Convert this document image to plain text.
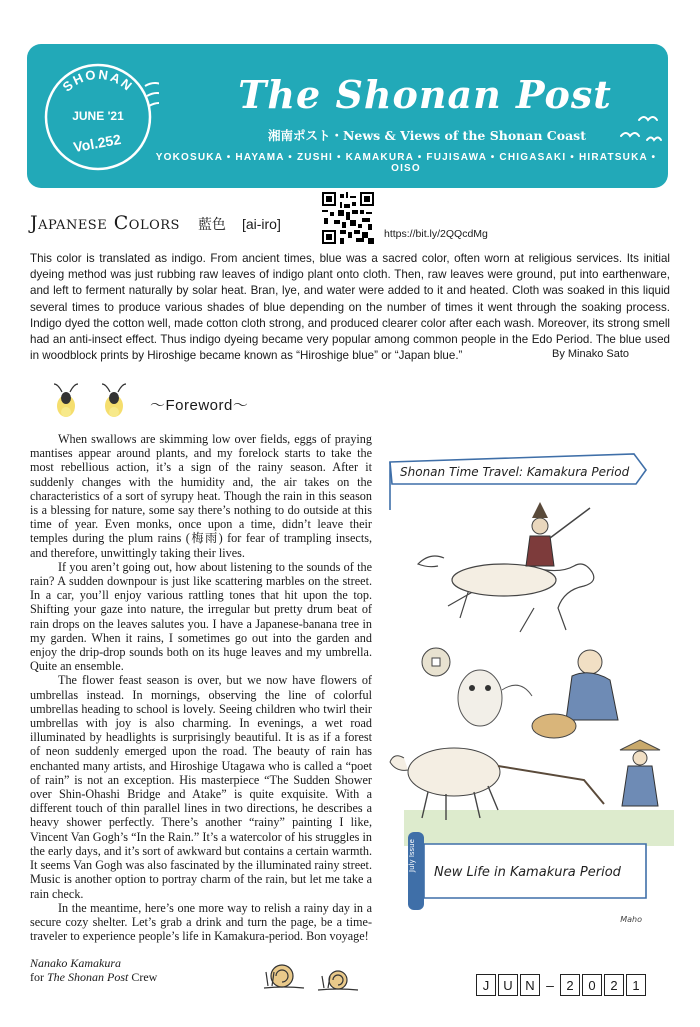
SHONAN
JUNE '21
Vol.252
The Shonan Post
湘南ポスト・News & Views of the Shonan Coast
YOKOSUKA • HAYAMA • ZUSHI • KAMAKURA • FUJISAWA • CHIGASAKI • HIRATSUKA • OISO
Japanese Colors 藍色 [ai-iro]
https://bit.ly/2QQcdMg
This color is translated as indigo. From ancient times, blue was a sacred color, often worn at religious services. Its initial dyeing method was just rubbing raw leaves of indigo plant onto cloth. Then, raw leaves were ground, put into earthenware, and left to ferment naturally by solar heat. Bran, lye, and water were added to it and heated. Cloth was soaked in this liquid several times to produce various shades of blue depending on the number of times it went through the soaking process. Indigo dyed the cotton well, made cotton cloth strong, and produced clearer color after each wash. Moreover, its strong smell had an anti-insect effect. Thus indigo dyeing became very popular among common people in the Edo Period. The blue used in woodblock prints by Hiroshige became known as “Hiroshige blue” or “Japan blue.”	By Minako Sato
〜Foreword〜

When swallows are skimming low over fields, eggs of praying mantises appear around plants, and my forelock starts to take the most rebellious action, it’s a sign of the rainy season. After it suddenly changes with the humidity and, the air takes on the characteristics of a sort of syrupy heat. Though the rain in this season is a blessing for nature, some say there’s nothing to do outside at this time of year. Even monks, once upon a time, didn’t leave their temples during the plum rains (梅雨) for fear of trampling insects, and therefore, unwittingly taking their lives.

If you aren’t going out, how about listening to the sounds of the rain? A sudden downpour is just like scattering marbles on the street. In a car, you’ll enjoy various rattling tones that hit upon the top. Shifting your gaze into nature, the irregular but pretty drum beat of rain drops on the leaves salutes you. I have a Japanese-banana tree in my garden. When it rains, I sometimes go out into the garden and enjoy the drip-drop sounds both on its huge leaves and my umbrella. Quite an ensemble.

The flower feast season is over, but we now have flowers of umbrellas instead. In mornings, observing the line of colorful umbrellas heading to school is lovely. Seeing children who twirl their umbrellas with joy is also charming. In evenings, a wet road illuminated by headlights is surprisingly beautiful. It is as if a forest of neon suddenly emerged upon the road. The beauty of rain has enchanted many artists, and Hiroshige Utagawa who is called a “poet of rain” is not an exception. His masterpiece “The Sudden Shower over Shin-Ohashi Bridge and Atake” is quite exquisite. With a different touch of thin parallel lines in two directions, he describes a heavy shower perfectly. There’s another “rainy” painting I like, Vincent Van Gogh’s “In the Rain.” It’s a watercolor of his struggles in the early days, and it’s sort of awkward but contains a certain warmth. It seems Van Gogh was also fascinated by the illuminated rainy street. Music is another option to portray charm of the rain, but let me take a rain check.

In the meantime, here’s one more way to relish a rainy day in a secure cozy shelter. Let’s grab a drink and turn the page, be a time-traveler to experience people’s life in Kamakura-period. Bon voyage!

Shonan Time Travel: Kamakura Period
July Issue
New Life in Kamakura Period
Maho
Nanako Kamakura
for The Shonan Post Crew
J	U N – 2	0	2	1
